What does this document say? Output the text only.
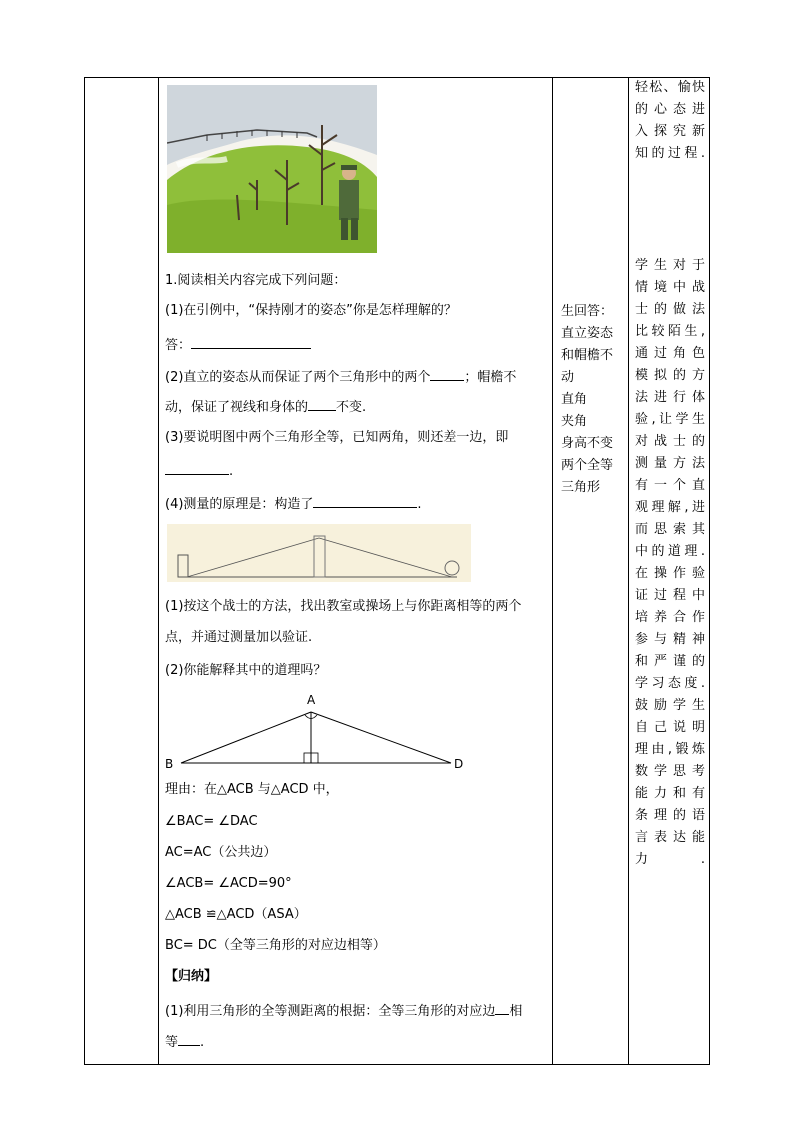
1.阅读相关内容完成下列问题：
(1)在引例中，“保持刚才的姿态”你是怎样理解的？
答：
(2)直立的姿态从而保证了两个三角形中的两个	；帽檐不
动，保证了视线和身体的 不变.
(3)要说明图中两个三角形全等，已知两角，则还差一边，即
.
(4)测量的原理是：构造了	.
(1)按这个战士的方法，找出教室或操场上与你距离相等的两个
点，并通过测量加以验证.
(2)你能解释其中的道理吗？
A
B	D
理由：在△ACB 与△ACD 中，
∠BAC= ∠DAC
AC=AC（公共边）
∠ACB= ∠ACD=90°
△ACB ≌△ACD（ASA）
BC= DC（全等三角形的对应边相等）
【归纳】
(1)利用三角形的全等测距离的根据：全等三角形的对应边 相
等 .
生回答：
直立姿态
和帽檐不
动
直角
夹角
身高不变
两个全等
三角形
轻松、愉快
的心态进
入探究新
知的过程.
学生对于
情境中战
士的做法
比较陌生,
通过角色
模拟的方
法进行体
验,让学生
对战士的
测量方法
有一个直
观理解,进
而思索其
中的道理.
在操作验
证过程中
培养合作
参与精神
和严谨的
学习态度.
鼓励学生
自己说明
理由,锻炼
数学思考
能力和有
条理的语
言表达能
力.
